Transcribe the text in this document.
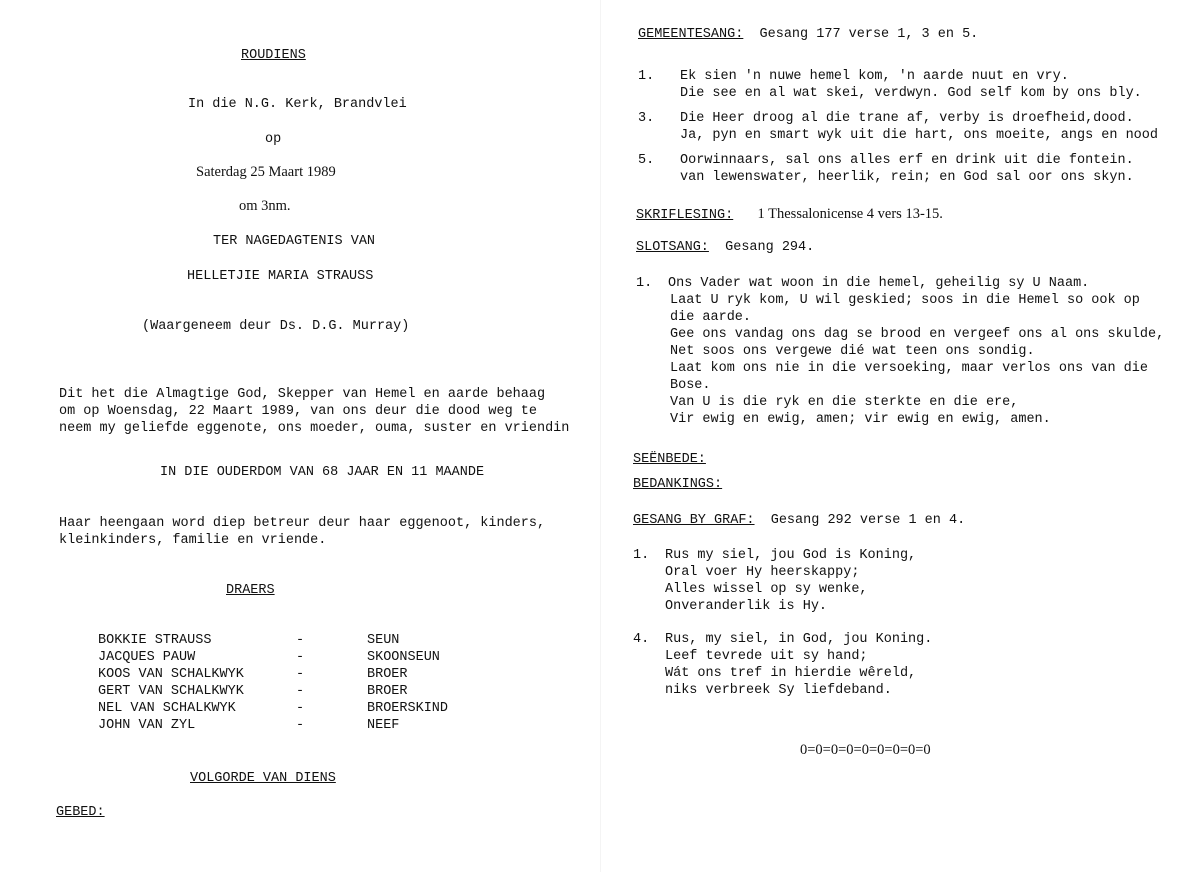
ROUDIENS
In die N.G. Kerk, Brandvlei
op
Saterdag 25 Maart 1989
om 3nm.
TER NAGEDAGTENIS VAN
HELLETJIE MARIA STRAUSS
(Waargeneem deur Ds. D.G. Murray)
Dit het die Almagtige God, Skepper van Hemel en aarde behaag
om op Woensdag, 22 Maart 1989, van ons deur die dood weg te
neem my geliefde eggenote, ons moeder, ouma, suster en vriendin
IN DIE OUDERDOM VAN 68 JAAR EN 11 MAANDE
Haar heengaan word diep betreur deur haar eggenoot, kinders,
kleinkinders, familie en vriende.
DRAERS
BOKKIE STRAUSS	-	SEUN
JACQUES PAUW	-	SKOONSEUN
KOOS VAN SCHALKWYK	-	BROER
GERT VAN SCHALKWYK	-	BROER
NEL VAN SCHALKWYK	-	BROERSKIND
JOHN VAN ZYL	-	NEEF
VOLGORDE VAN DIENS
GEBED:
GEMEENTESANG: Gesang 177 verse 1, 3 en 5.
1. Ek sien 'n nuwe hemel kom, 'n aarde nuut en vry.
Die see en al wat skei, verdwyn. God self kom by ons bly.
3. Die Heer droog al die trane af, verby is droefheid,dood.
Ja, pyn en smart wyk uit die hart, ons moeite, angs en nood
5. Oorwinnaars, sal ons alles erf en drink uit die fontein.
van lewenswater, heerlik, rein; en God sal oor ons skyn.
SKRIFLESING: 1 Thessalonicense 4 vers 13-15.
SLOTSANG: Gesang 294.
1. Ons Vader wat woon in die hemel, geheilig sy U Naam.
Laat U ryk kom, U wil geskied; soos in die Hemel so ook op
die aarde.
Gee ons vandag ons dag se brood en vergeef ons al ons skulde,
Net soos ons vergewe dié wat teen ons sondig.
Laat kom ons nie in die versoeking, maar verlos ons van die
Bose.
Van U is die ryk en die sterkte en die ere,
Vir ewig en ewig, amen; vir ewig en ewig, amen.
SEËNBEDE:
BEDANKINGS:
GESANG BY GRAF: Gesang 292 verse 1 en 4.
1. Rus my siel, jou God is Koning,
Oral voer Hy heerskappy;
Alles wissel op sy wenke,
Onveranderlik is Hy.
4. Rus, my siel, in God, jou Koning.
Leef tevrede uit sy hand;
Wát ons tref in hierdie wêreld,
niks verbreek Sy liefdeband.
0=0=0=0=0=0=0=0=0
